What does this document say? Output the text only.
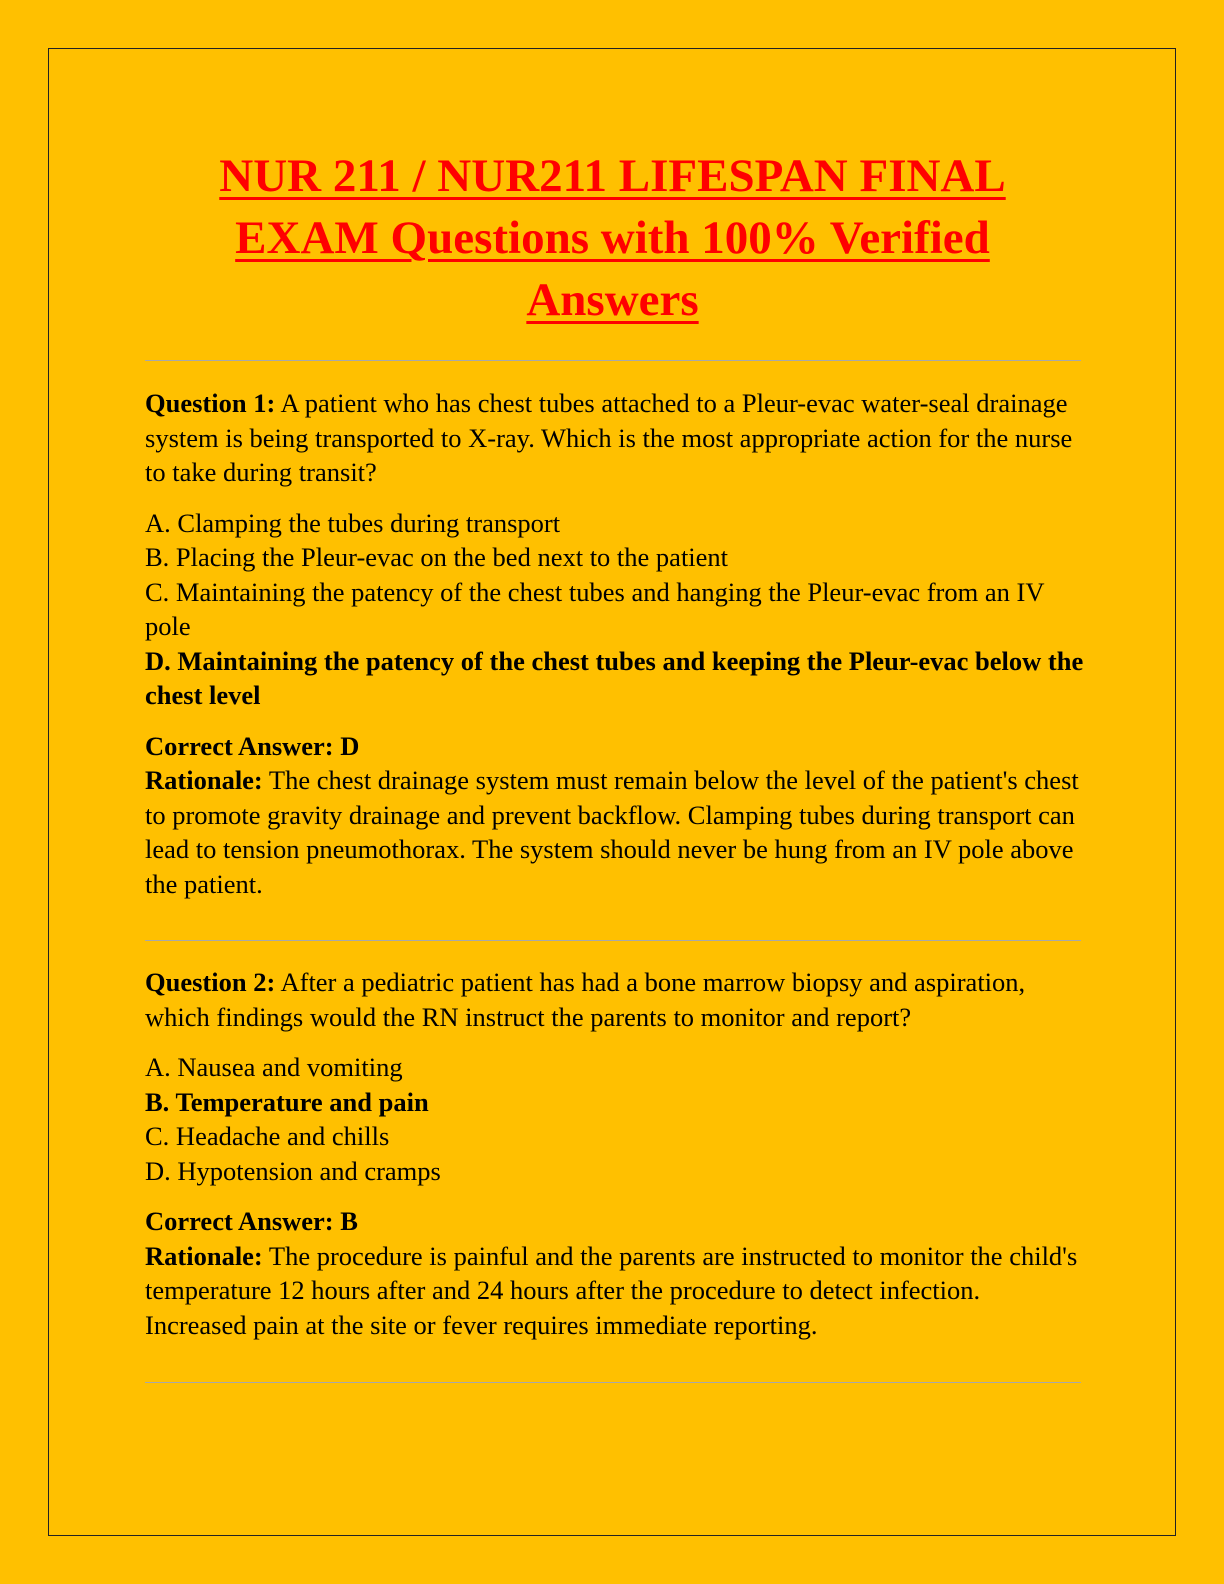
NUR 211 / NUR211 LIFESPAN FINAL EXAM Questions with 100% Verified Answers

Question 1: A patient who has chest tubes attached to a Pleur-evac water-seal drainage system is being transported to X-ray. Which is the most appropriate action for the nurse to take during transit?

A. Clamping the tubes during transport
B. Placing the Pleur-evac on the bed next to the patient
C. Maintaining the patency of the chest tubes and hanging the Pleur-evac from an IV pole
D. Maintaining the patency of the chest tubes and keeping the Pleur-evac below the chest level

Correct Answer: D

Rationale: The chest drainage system must remain below the level of the patient's chest to promote gravity drainage and prevent backflow. Clamping tubes during transport can lead to tension pneumothorax. The system should never be hung from an IV pole above the patient.

Question 2: After a pediatric patient has had a bone marrow biopsy and aspiration, which findings would the RN instruct the parents to monitor and report?

A. Nausea and vomiting
B. Temperature and pain
C. Headache and chills
D. Hypotension and cramps

Correct Answer: B

Rationale: The procedure is painful and the parents are instructed to monitor the child's temperature 12 hours after and 24 hours after the procedure to detect infection. Increased pain at the site or fever requires immediate reporting.
